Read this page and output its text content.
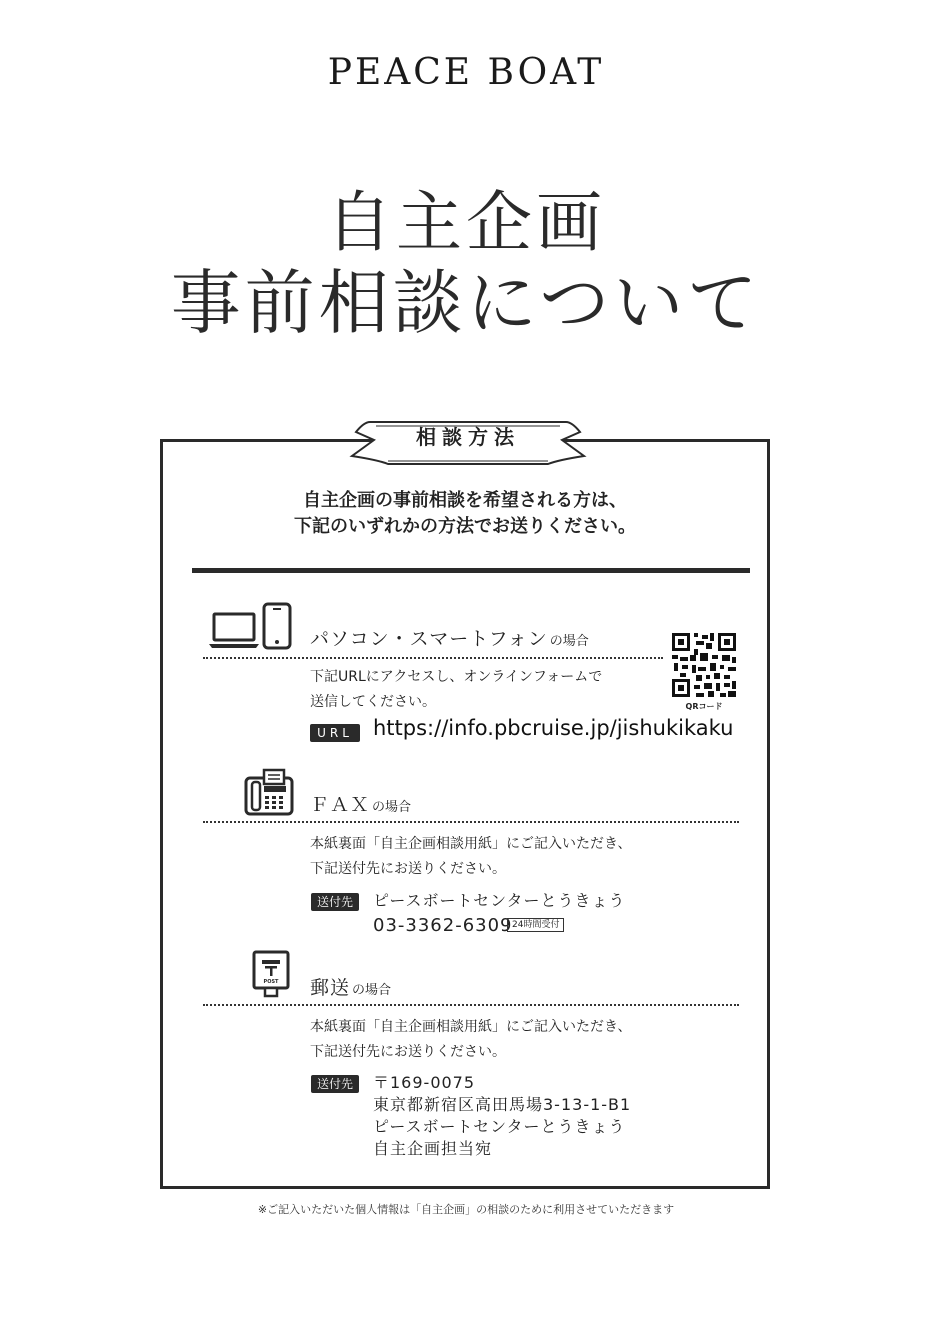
PEACE BOAT
自主企画
事前相談について
相談方法
自主企画の事前相談を希望される方は、
下記のいずれかの方法でお送りください。
パソコン・スマートフォン の場合
QRコード
下記URLにアクセスし、オンラインフォームで
送信してください。
URL https://info.pbcruise.jp/jishukikaku
ＦＡＸ の場合
本紙裏面「自主企画相談用紙」にご記入いただき、
下記送付先にお送りください。
送付先	ピースボートセンターとうきょう
03-3362-6309 24時間受付
POST 郵送 の場合
本紙裏面「自主企画相談用紙」にご記入いただき、
下記送付先にお送りください。
送付先	〒169-0075
東京都新宿区高田馬場3-13-1-B1
ピースボートセンターとうきょう
自主企画担当宛
※ご記入いただいた個人情報は「自主企画」の相談のために利用させていただきます
